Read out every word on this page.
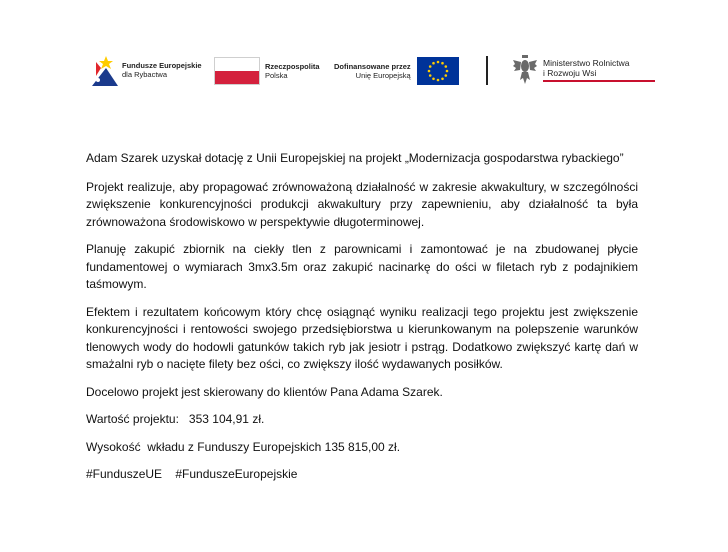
Fundusze Europejskie
dla Rybactwa
Rzeczpospolita
Polska
Dofinansowane przez
Unię Europejską
Ministerstwo Rolnictwa
i Rozwoju Wsi

Adam Szarek uzyskał dotację z Unii Europejskiej na projekt „Modernizacja gospodarstwa rybackiego”

Projekt realizuje, aby propagować zrównoważoną działalność w zakresie akwakultury, w szczególności zwiększenie konkurencyjności produkcji akwakultury przy zapewnieniu, aby działalność ta była zrównoważona środowiskowo w perspektywie długoterminowej.

Planuję zakupić zbiornik na ciekły tlen z parownicami i zamontować je na zbudowanej płycie fundamentowej o wymiarach 3mx3.5m oraz zakupić nacinarkę do ości w filetach ryb z podajnikiem taśmowym.

Efektem i rezultatem końcowym który chcę osiągnąć wyniku realizacji tego projektu jest zwiększenie konkurencyjności i rentowości swojego przedsiębiorstwa u kierunkowanym na polepszenie warunków tlenowych wody do hodowli gatunków takich ryb jak jesiotr i pstrąg. Dodatkowo zwiększyć kartę dań w smażalni ryb o nacięte filety bez ości, co zwiększy ilość wydawanych posiłków.

Docelowo projekt jest skierowany do klientów Pana Adama Szarek.

Wartość projektu:   353 104,91 zł.

Wysokość  wkładu z Funduszy Europejskich 135 815,00 zł.

#FunduszeUE    #FunduszeEuropejskie
